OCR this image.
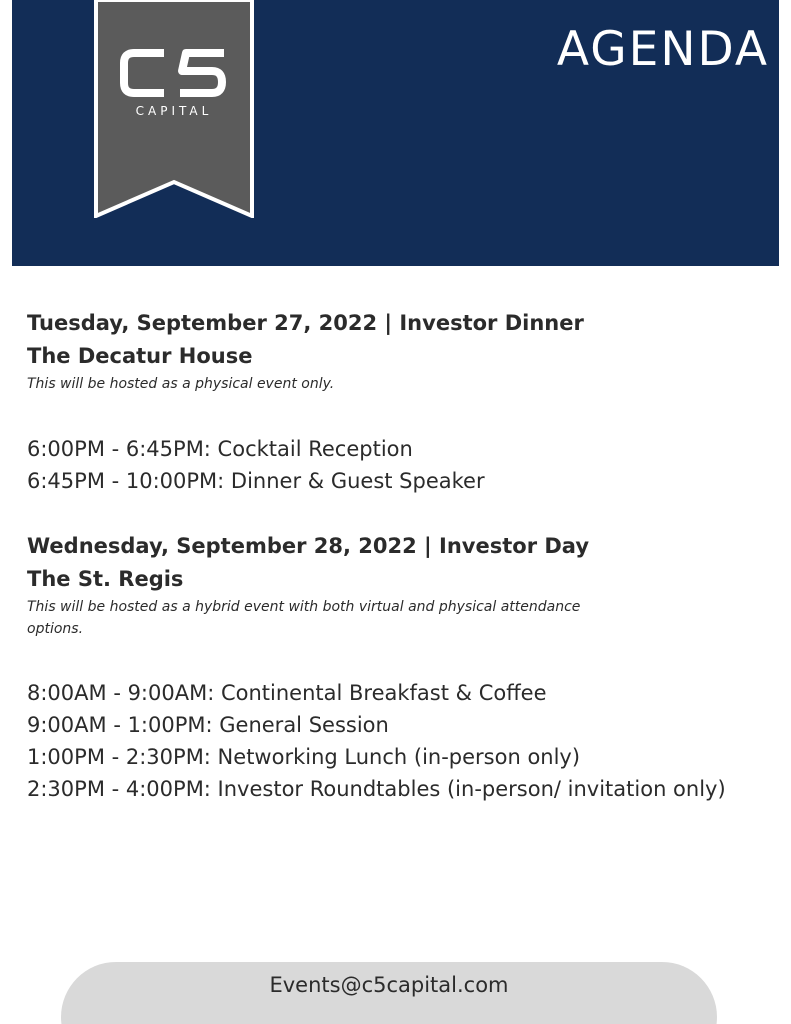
CAPITAL
AGENDA

Tuesday, September 27, 2022 | Investor Dinner

The Decatur House

This will be hosted as a physical event only.

6:00PM - 6:45PM: Cocktail Reception
6:45PM - 10:00PM: Dinner & Guest Speaker

Wednesday, September 28, 2022 | Investor Day

The St. Regis

This will be hosted as a hybrid event with both virtual and physical attendance options.

8:00AM - 9:00AM: Continental Breakfast & Coffee
9:00AM - 1:00PM: General Session
1:00PM - 2:30PM: Networking Lunch (in-person only)
2:30PM - 4:00PM: Investor Roundtables (in-person/ invitation only)
Events@c5capital.com
